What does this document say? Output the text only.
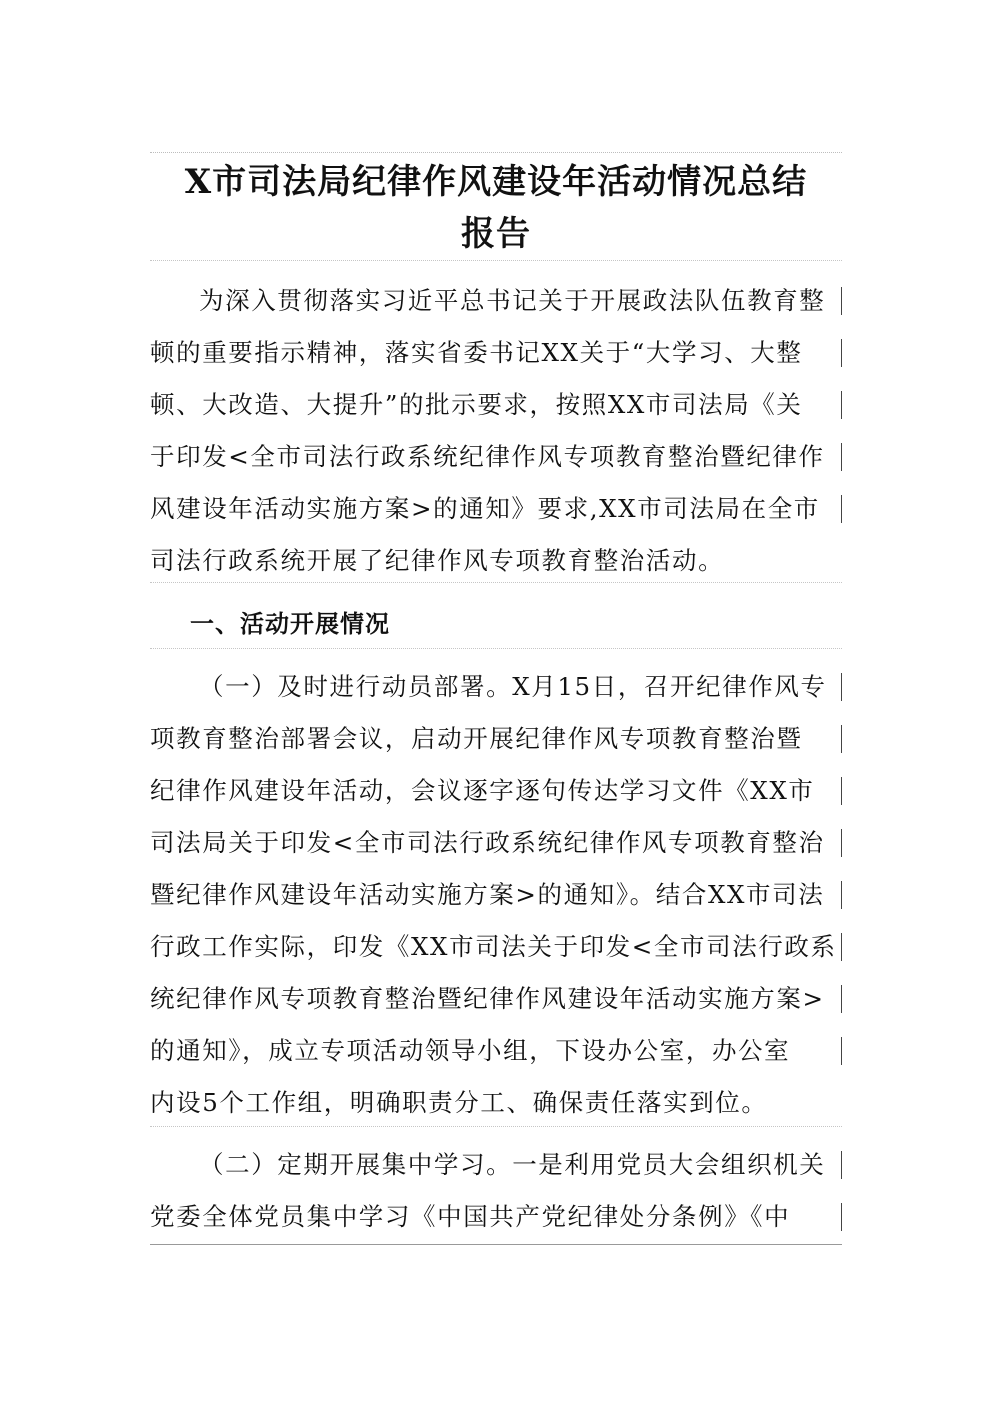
X市司法局纪律作风建设年活动情况总结
报告
为深入贯彻落实习近平总书记关于开展政法队伍教育整
顿的重要指示精神，落实省委书记XX关于“大学习、大整
顿、大改造、大提升”的批示要求，按照XX市司法局《关
于印发<全市司法行政系统纪律作风专项教育整治暨纪律作
风建设年活动实施方案>的通知》要求,XX市司法局在全市
司法行政系统开展了纪律作风专项教育整治活动。
一、活动开展情况
（一）及时进行动员部署。X月15日，召开纪律作风专
项教育整治部署会议，启动开展纪律作风专项教育整治暨
纪律作风建设年活动，会议逐字逐句传达学习文件《XX市
司法局关于印发<全市司法行政系统纪律作风专项教育整治
暨纪律作风建设年活动实施方案>的通知》。结合XX市司法
行政工作实际，印发《XX市司法关于印发<全市司法行政系
统纪律作风专项教育整治暨纪律作风建设年活动实施方案>
的通知》，成立专项活动领导小组，下设办公室，办公室
内设5个工作组，明确职责分工、确保责任落实到位。
（二）定期开展集中学习。一是利用党员大会组织机关
党委全体党员集中学习《中国共产党纪律处分条例》《中
